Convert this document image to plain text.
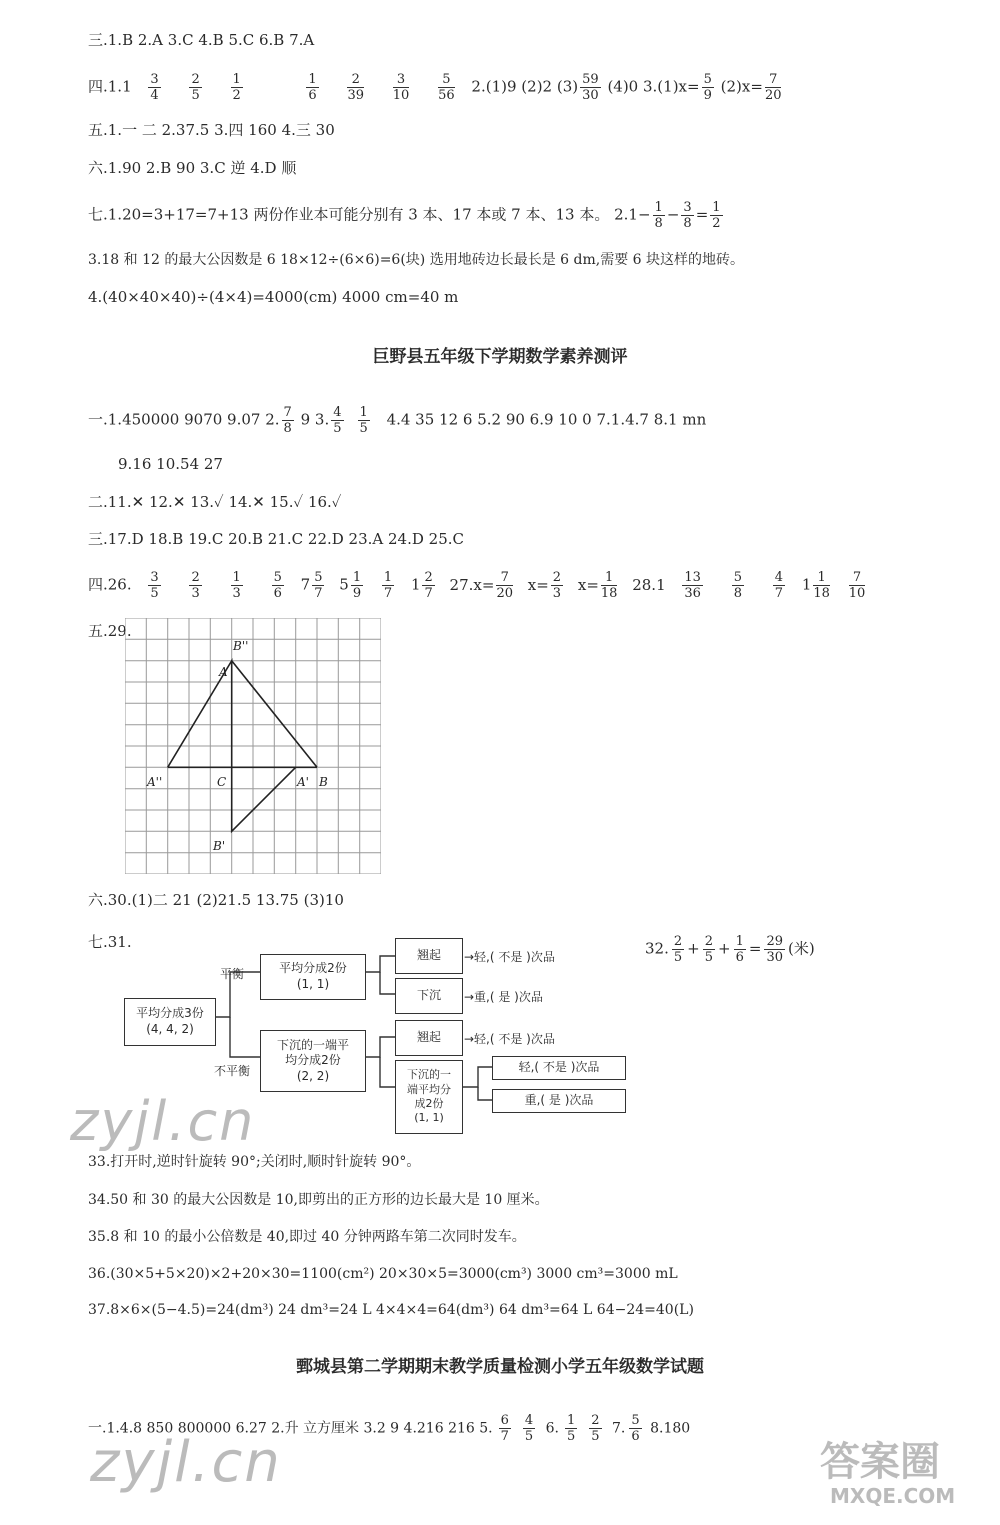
三.1.B 2.A 3.C 4.B 5.C 6.B 7.A
四$.1.1 \frac{3}{4}$
$\frac{2}{5}$
$\frac{1}{2}$
	$\frac{1}{6}$
$\frac{2}{39}$
$\frac{3}{10}$
$\frac{5}{56} 2.(1)9$ (2)2 $(3) \frac{59}{30} (4)0$ $3.(1)x= \frac{5}{9} (2)x= \frac{7}{20}$
五.1.一 二 2.37.5 3.四 160 4.三 30
六.1.90 2.B 90 3.C 逆 4.D 顺
七.1.20=3+17=7+13 两份作业本可能分别有 3 本、17 本或 7 本、13 本。 $2.1- \frac{1}{8} - \frac{3}{8} = \frac{1}{2}$
3.18 和 12 的最大公因数是 6 18×12÷(6×6)=6(块) 选用地砖边长最长是 6 dm,需要 6 块这样的地砖。
4.(40×40×40)÷(4×4)=4000(cm) 4000 cm=40 m
巨野县五年级下学期数学素养测评
一.1.450000 9070 9.07 2. $\frac{7}{8} 9$ 3. $\frac{4}{5} \frac{1}{5} 4.4$ 35 12 6 5.2 90 6.9 10 0 7.1.4.7 8.1 mn
9.16 10.54 27
二.11.✕ 12.✕ 13.✓ 14.✕ 15.✓ 16.✓
三.17.D 18.B 19.C 20.B 21.C 22.D 23.A 24.D 25.C
四.26. $\frac{3}{5}$
$\frac{2}{3}$
$\frac{1}{3}$
$\frac{5}{6} 7 \frac{5}{7} 5 \frac{1}{9}$
$\frac{1}{7} 1 \frac{2}{7} 27.x= \frac{7}{20} x= \frac{2}{3} x= \frac{1}{18} 28.1 \frac{13}{36}$
$\frac{5}{8}$
$\frac{4}{7} 1 \frac{1}{18}$
$\frac{7}{10}$
五.29.
B''
A
A''	C	A' B
B'
六.30.(1)二 21 (2)21.5 13.75 (3)10
七.31.
平衡
不平衡
平均分成3份
(4, 4, 2)
平均分成2份
(1, 1)
下沉的一端平
均分成2份
(2, 2)
翘起
下沉
翘起
下沉的一
端平均分
成2份
(1, 1)
→轻,( 不是 )次品
→重,( 是 )次品
→轻,( 不是 )次品
轻,( 不是 )次品
重,( 是 )次品
32. $\frac{2}{5} + \frac{2}{5} + \frac{1}{6} = \frac{29}{30}$ (米)
zyjl.cn
33.打开时,逆时针旋转 90°;关闭时,顺时针旋转 90°。
34.50 和 30 的最大公因数是 10,即剪出的正方形的边长最大是 10 厘米。
35.8 和 10 的最小公倍数是 40,即过 40 分钟两路车第二次同时发车。
36.(30×5+5×20)×2+20×30=1100(cm²) 20×30×5=3000(cm³) 3000 cm³=3000 mL
37.8×6×(5−4.5)=24(dm³) 24 dm³=24 L 4×4×4=64(dm³) 64 dm³=64 L 64−24=40(L)
鄄城县第二学期期末教学质量检测小学五年级数学试题
一.1.4.8 850 800000 6.27 2.升 立方厘米 3.2 9 4.216 216 5. $\frac{6}{7} \frac{4}{5} 6$. $\frac{1}{5} \frac{2}{5} 7$. $\frac{5}{6} 8.180$
zyjl.cn	答案圈
MXQE.COM
